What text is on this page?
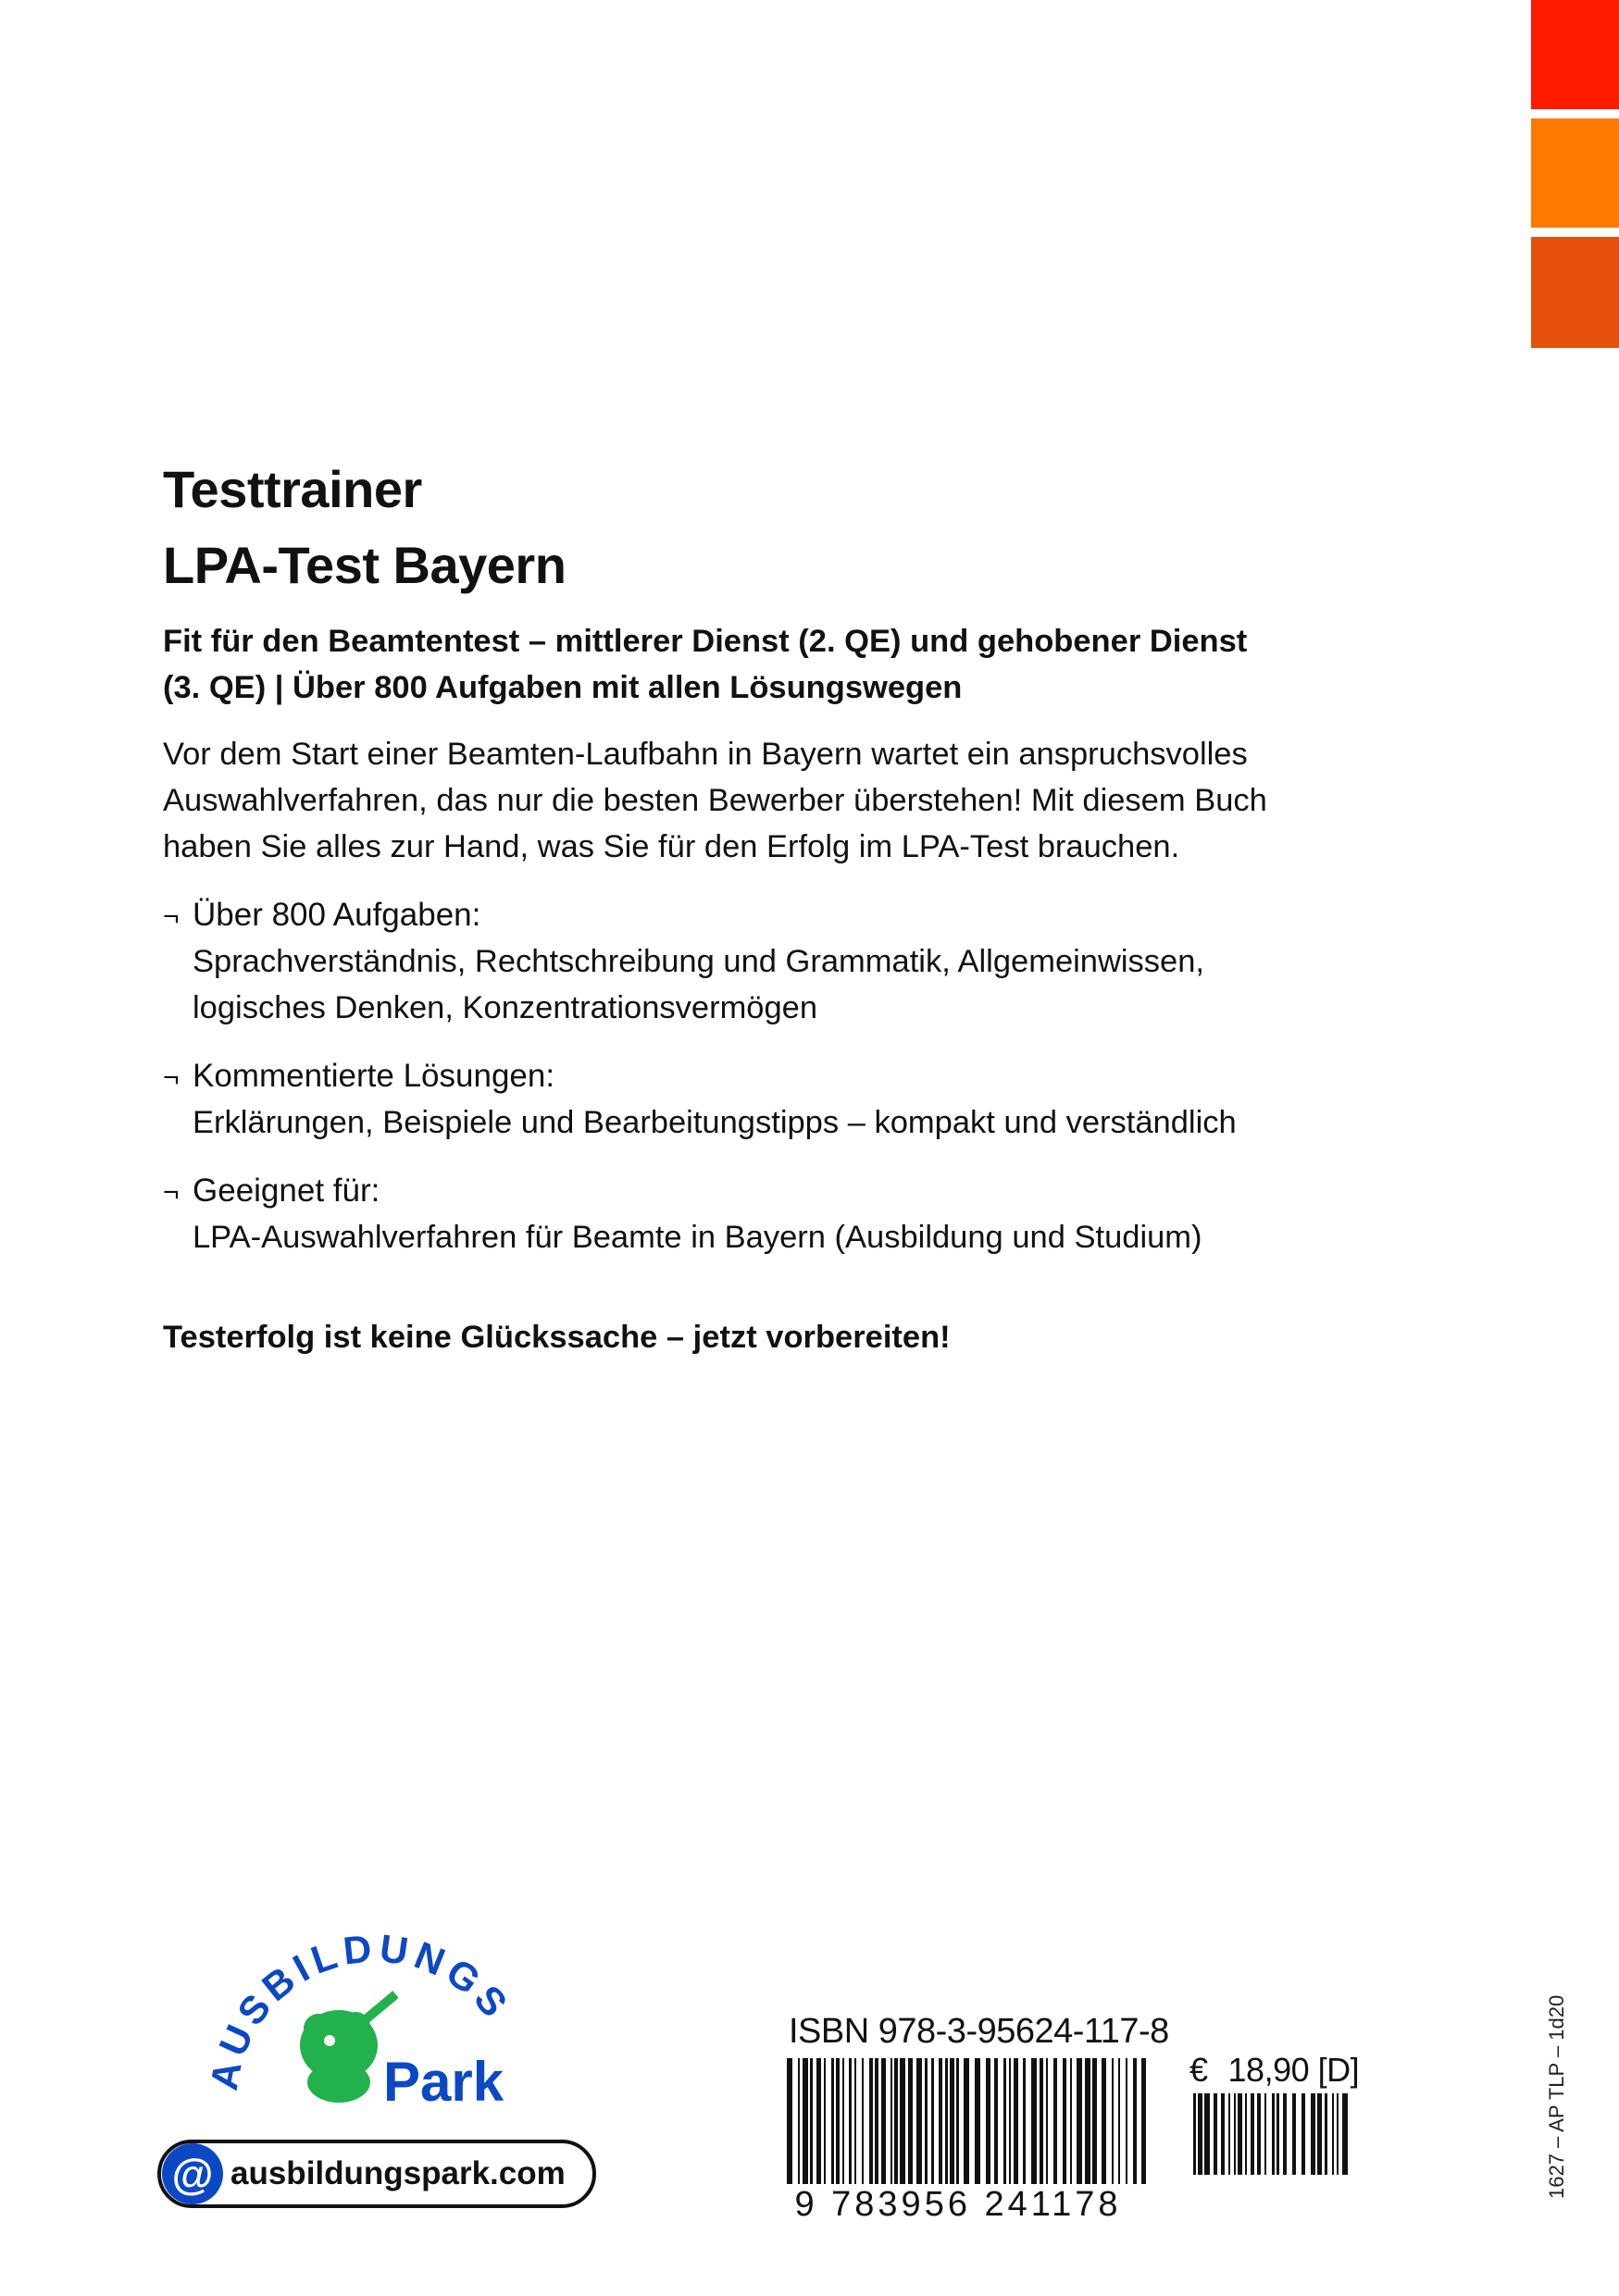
Testtrainer
LPA-Test Bayern

Fit für den Beamtentest – mittlerer Dienst (2. QE) und gehobener Dienst (3. QE) | Über 800 Aufgaben mit allen Lösungswegen

Vor dem Start einer Beamten-Laufbahn in Bayern wartet ein anspruchsvolles Auswahlverfahren, das nur die besten Bewerber überstehen! Mit diesem Buch haben Sie alles zur Hand, was Sie für den Erfolg im LPA-Test brauchen.

¬ Über 800 Aufgaben:
Sprachverständnis, Rechtschreibung und Grammatik, Allgemeinwissen, logisches Denken, Konzentrationsvermögen
¬ Kommentierte Lösungen:
Erklärungen, Beispiele und Bearbeitungstipps – kompakt und verständlich
¬ Geeignet für:
LPA-Auswahlverfahren für Beamte in Bayern (Ausbildung und Studium)

Testerfolg ist keine Glückssache – jetzt vorbereiten!

AUSBILDUNGS
Park
@ ausbildungspark.com
ISBN 978-3-95624-117-8
9 783956 241178
€ 18,90 [D]	1627 – AP TLP – 1d20
